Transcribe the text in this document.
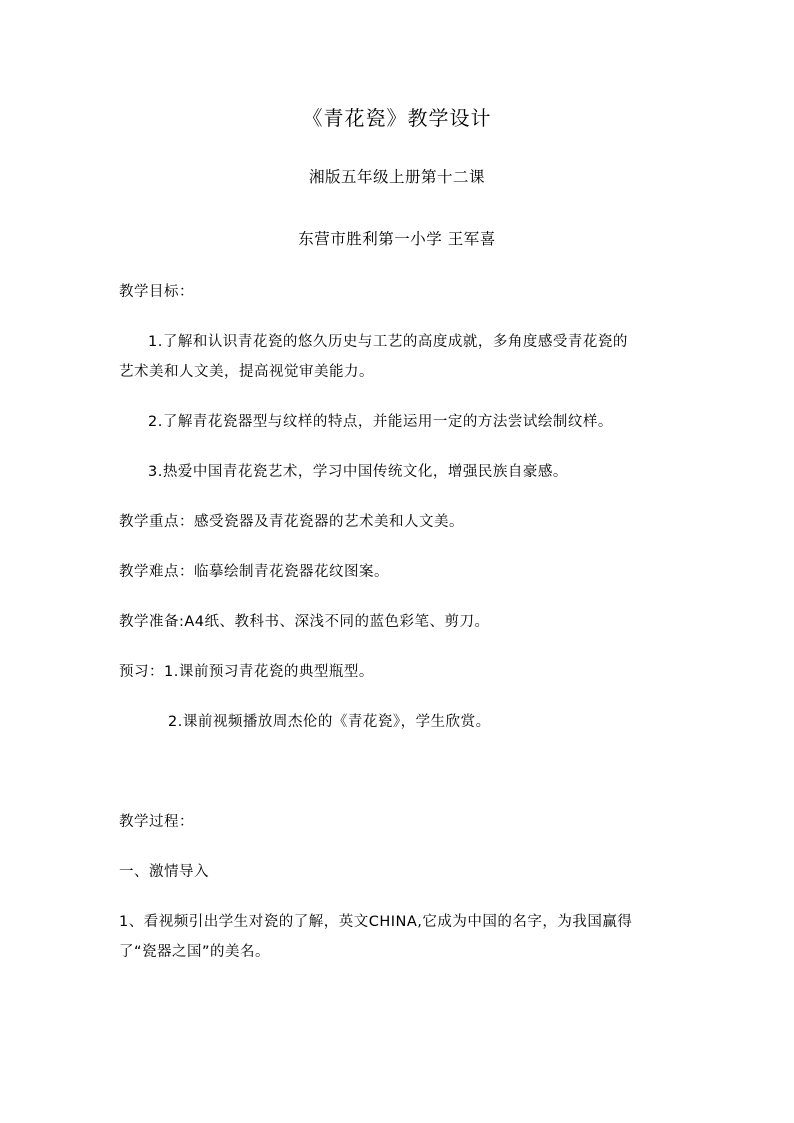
《青花瓷》教学设计
湘版五年级上册第十二课
东营市胜利第一小学 王军喜
教学目标：
1.了解和认识青花瓷的悠久历史与工艺的高度成就，多角度感受青花瓷的
艺术美和人文美，提高视觉审美能力。
2.了解青花瓷器型与纹样的特点，并能运用一定的方法尝试绘制纹样。
3.热爱中国青花瓷艺术，学习中国传统文化，增强民族自豪感。
教学重点：感受瓷器及青花瓷器的艺术美和人文美。
教学难点：临摹绘制青花瓷器花纹图案。
教学准备:A4纸、教科书、深浅不同的蓝色彩笔、剪刀。
预习：1.课前预习青花瓷的典型瓶型。
2.课前视频播放周杰伦的《青花瓷》，学生欣赏。
教学过程：
一、激情导入
1、看视频引出学生对瓷的了解，英文CHINA,它成为中国的名字，为我国赢得
了“瓷器之国”的美名。
